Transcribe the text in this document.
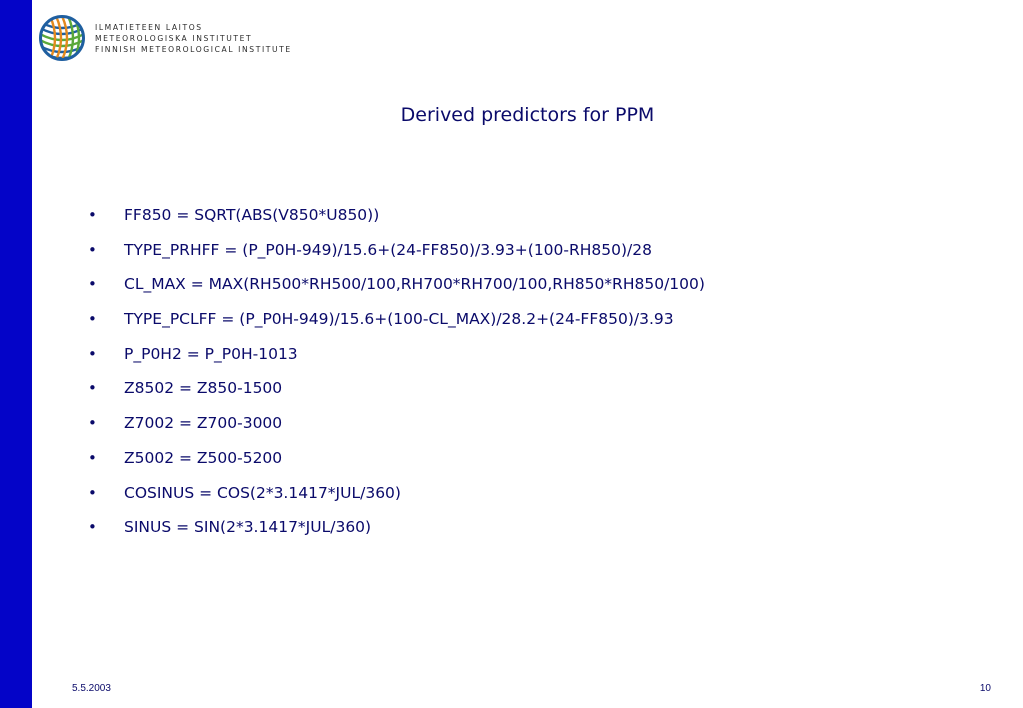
ILMATIETEEN LAITOS
METEOROLOGISKA INSTITUTET
FINNISH METEOROLOGICAL INSTITUTE
Derived predictors for PPM
•	FF850 = SQRT(ABS(V850*U850))
•	TYPE_PRHFF = (P_P0H-949)/15.6+(24-FF850)/3.93+(100-RH850)/28
•	CL_MAX = MAX(RH500*RH500/100,RH700*RH700/100,RH850*RH850/100)
•	TYPE_PCLFF = (P_P0H-949)/15.6+(100-CL_MAX)/28.2+(24-FF850)/3.93
•	P_P0H2 = P_P0H-1013
•	Z8502 = Z850-1500
•	Z7002 = Z700-3000
•	Z5002 = Z500-5200
•	COSINUS = COS(2*3.1417*JUL/360)
•	SINUS = SIN(2*3.1417*JUL/360)
5.5.2003	10
